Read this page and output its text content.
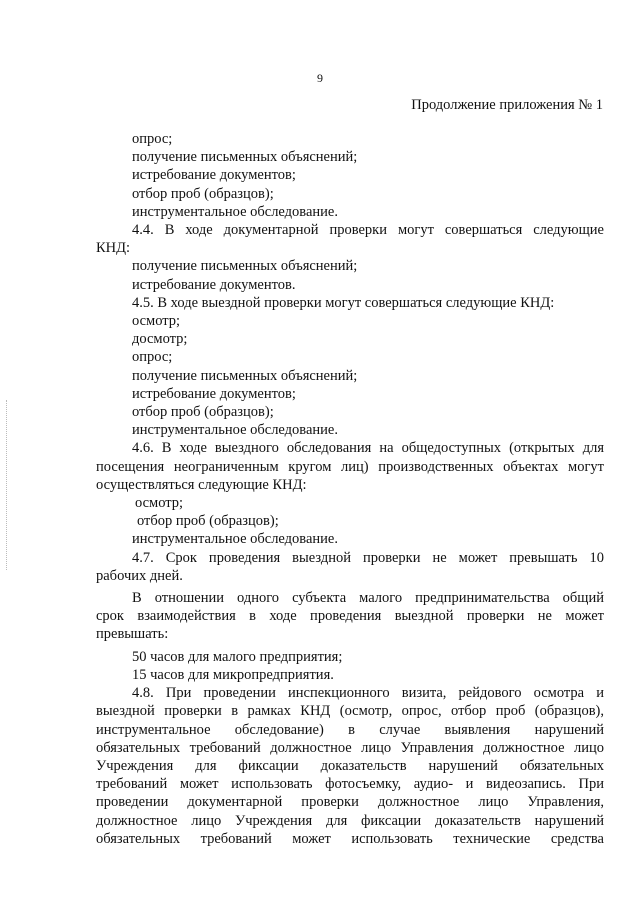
9
Продолжение приложения № 1

опрос;

получение письменных объяснений;

истребование документов;

отбор проб (образцов);

инструментальное обследование.

4.4. В ходе документарной проверки могут совершаться следующие

КНД:

получение письменных объяснений;

истребование документов.

4.5. В ходе выездной проверки могут совершаться следующие КНД:

осмотр;

досмотр;

опрос;

получение письменных объяснений;

истребование документов;

отбор проб (образцов);

инструментальное обследование.

4.6. В ходе выездного обследования на общедоступных (открытых для

посещения неограниченным кругом лиц) производственных объектах могут

осуществляться следующие КНД:

осмотр;

отбор проб (образцов);

инструментальное обследование.

4.7. Срок проведения выездной проверки не может превышать 10

рабочих дней.

В отношении одного субъекта малого предпринимательства общий

срок взаимодействия в ходе проведения выездной проверки не может

превышать:

50 часов для малого предприятия;

15 часов для микропредприятия.

4.8. При проведении инспекционного визита, рейдового осмотра и

выездной проверки в рамках КНД (осмотр, опрос, отбор проб (образцов),

инструментальное обследование) в случае выявления нарушений

обязательных требований должностное лицо Управления должностное лицо

Учреждения для фиксации доказательств нарушений обязательных

требований может использовать фотосъемку, аудио- и видеозапись. При

проведении документарной проверки должностное лицо Управления,

должностное лицо Учреждения для фиксации доказательств нарушений

обязательных требований может использовать технические средства
